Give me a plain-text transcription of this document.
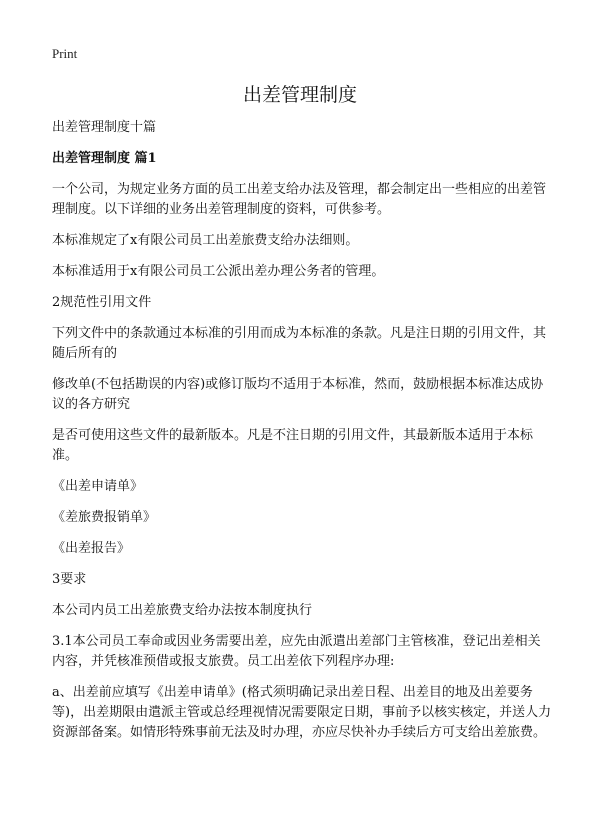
Print
出差管理制度

出差管理制度十篇

出差管理制度 篇1

一个公司，为规定业务方面的员工出差支给办法及管理，都会制定出一些相应的出差管理制度。以下详细的业务出差管理制度的资料，可供参考。

本标准规定了x有限公司员工出差旅费支给办法细则。

本标准适用于x有限公司员工公派出差办理公务者的管理。

2规范性引用文件

下列文件中的条款通过本标准的引用而成为本标准的条款。凡是注日期的引用文件，其随后所有的

修改单(不包括勘误的内容)或修订版均不适用于本标准，然而，鼓励根据本标准达成协议的各方研究

是否可使用这些文件的最新版本。凡是不注日期的引用文件，其最新版本适用于本标准。

《出差申请单》

《差旅费报销单》

《出差报告》

3要求

本公司内员工出差旅费支给办法按本制度执行

3.1本公司员工奉命或因业务需要出差，应先由派遣出差部门主管核准，登记出差相关内容，并凭核准预借或报支旅费。员工出差依下列程序办理:

a、出差前应填写《出差申请单》(格式须明确记录出差日程、出差目的地及出差要务等)，出差期限由遣派主管或总经理视情况需要限定日期，事前予以核实核定，并送人力资源部备案。如情形特殊事前无法及时办理，亦应尽快补办手续后方可支给出差旅费。
